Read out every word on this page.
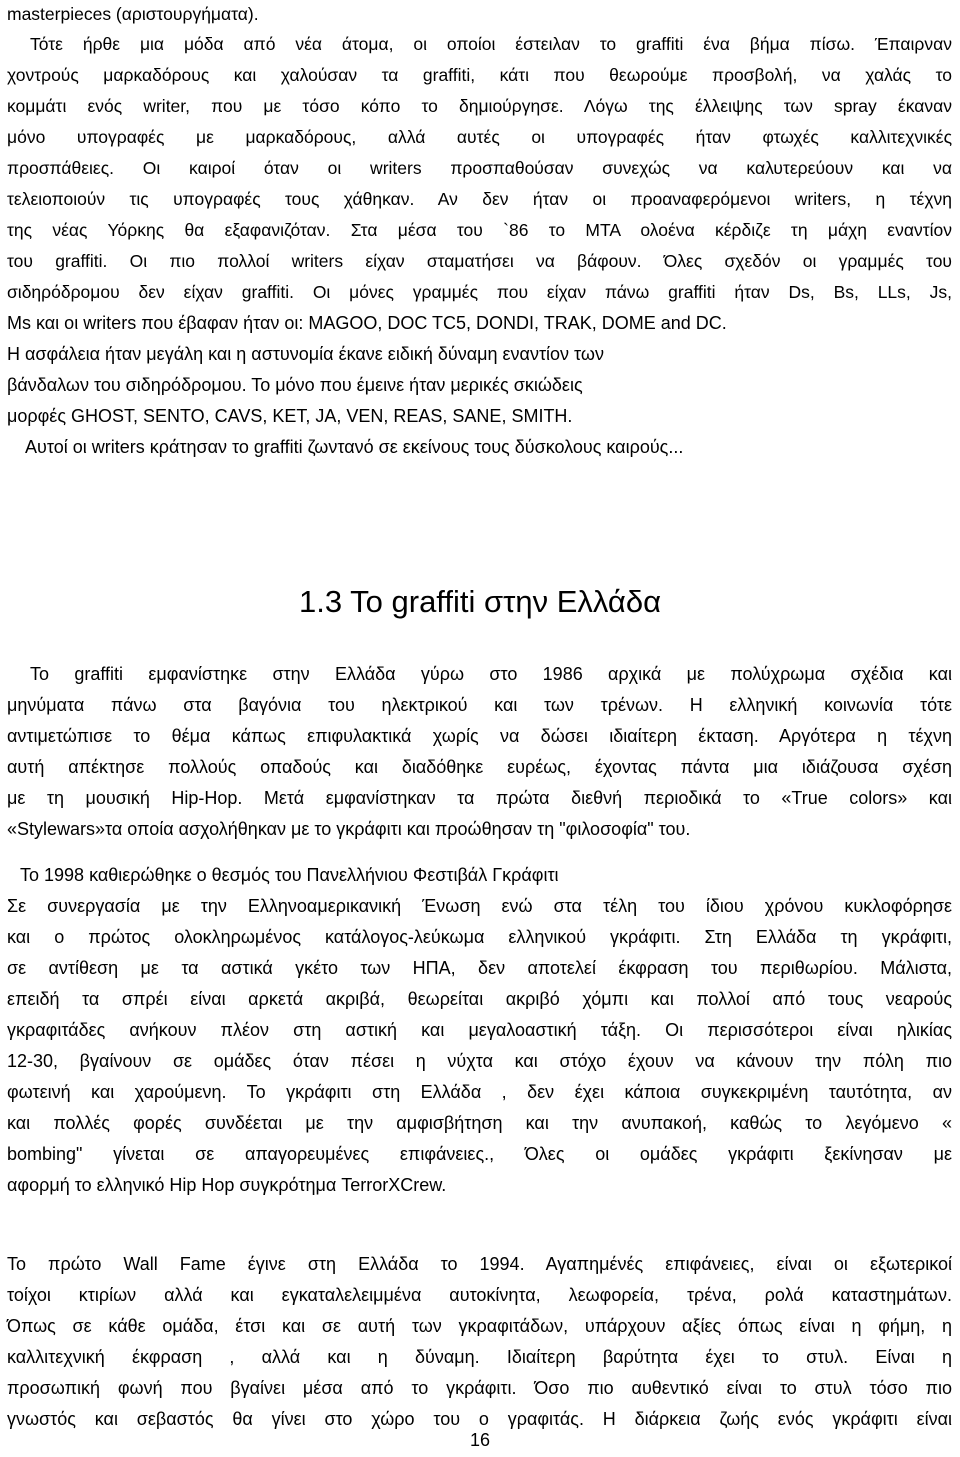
masterpieces (αριστουργήματα).

Τότε ήρθε μια μόδα από νέα άτομα, οι οποίοι έστειλαν το graffiti ένα βήμα πίσω. Έπαιρναν

χοντρούς μαρκαδόρους και χαλούσαν τα graffiti, κάτι που θεωρούμε προσβολή, να χαλάς το

κομμάτι ενός writer, που με τόσο κόπο το δημιούργησε. Λόγω της έλλειψης των spray έκαναν

μόνο υπογραφές με μαρκαδόρους, αλλά αυτές οι υπογραφές ήταν φτωχές καλλιτεχνικές

προσπάθειες. Οι καιροί όταν οι writers προσπαθούσαν συνεχώς να καλυτερεύουν και να

τελειοποιούν τις υπογραφές τους χάθηκαν. Αν δεν ήταν οι προαναφερόμενοι writers, η τέχνη

της νέας Υόρκης θα εξαφανιζόταν. Στα μέσα του `86 το MTA ολοένα κέρδιζε τη μάχη εναντίον

του graffiti. Οι πιο πολλοί writers είχαν σταματήσει να βάφουν. Όλες σχεδόν οι γραμμές του

σιδηρόδρομου δεν είχαν graffiti. Οι μόνες γραμμές που είχαν πάνω graffiti ήταν Ds, Bs, LLs, Js,

Ms και οι writers που έβαφαν ήταν οι: MAGOO, DOC TC5, DONDI, TRAK, DOME and DC.

Η ασφάλεια ήταν μεγάλη και η αστυνομία έκανε ειδική δύναμη εναντίον των

βάνδαλων του σιδηρόδρομου. Το μόνο που έμεινε ήταν μερικές σκιώδεις

μορφές GHOST, SENTO, CAVS, KET, JA, VEN, REAS, SANE, SMITH.

Αυτοί οι writers κράτησαν το graffiti ζωντανό σε εκείνους τους δύσκολους καιρούς...

1.3 Το graffiti στην Ελλάδα

Το graffiti εμφανίστηκε στην Ελλάδα γύρω στο 1986 αρχικά με πολύχρωμα σχέδια και

μηνύματα πάνω στα βαγόνια του ηλεκτρικού και των τρένων. Η ελληνική κοινωνία τότε

αντιμετώπισε το θέμα κάπως επιφυλακτικά χωρίς να δώσει ιδιαίτερη έκταση. Αργότερα η τέχνη

αυτή απέκτησε πολλούς οπαδούς και διαδόθηκε ευρέως, έχοντας πάντα μια ιδιάζουσα σχέση

με τη μουσική Hip-Hop. Μετά εμφανίστηκαν τα πρώτα διεθνή περιοδικά το «True colors» και

«Stylewars»τα οποία ασχολήθηκαν με το γκράφιτι και προώθησαν τη "φιλοσοφία" του.

Το 1998 καθιερώθηκε ο θεσμός του Πανελλήνιου Φεστιβάλ Γκράφιτι

Σε συνεργασία με την Ελληνοαμερικανική Ένωση ενώ στα τέλη του ίδιου χρόνου κυκλοφόρησε

και ο πρώτος ολοκληρωμένος κατάλογος-λεύκωμα ελληνικού γκράφιτι. Στη Ελλάδα τη γκράφιτι,

σε αντίθεση με τα αστικά γκέτο των ΗΠΑ, δεν αποτελεί έκφραση του περιθωρίου. Μάλιστα,

επειδή τα σπρέι είναι αρκετά ακριβά, θεωρείται ακριβό χόμπι και πολλοί από τους νεαρούς

γκραφιτάδες ανήκουν πλέον στη αστική και μεγαλοαστική τάξη. Οι περισσότεροι είναι ηλικίας

12-30, βγαίνουν σε ομάδες όταν πέσει η νύχτα και στόχο έχουν να κάνουν την πόλη πιο

φωτεινή και χαρούμενη. Το γκράφιτι στη Ελλάδα , δεν έχει κάποια συγκεκριμένη ταυτότητα, αν

και πολλές φορές συνδέεται με την αμφισβήτηση και την ανυπακοή, καθώς το λεγόμενο «

bombing" γίνεται σε απαγορευμένες επιφάνειες., Όλες οι ομάδες γκράφιτι ξεκίνησαν με

αφορμή το ελληνικό Hip Hop συγκρότημα TerrorXCrew.

Το πρώτο Wall Fame έγινε στη Ελλάδα το 1994. Αγαπημένές επιφάνειες, είναι οι εξωτερικοί

τοίχοι κτιρίων αλλά και εγκαταλελειμμένα αυτοκίνητα, λεωφορεία, τρένα, ρολά καταστημάτων.

Όπως σε κάθε ομάδα, έτσι και σε αυτή των γκραφιτάδων, υπάρχουν αξίες όπως είναι η φήμη, η

καλλιτεχνική έκφραση , αλλά και η δύναμη. Ιδιαίτερη βαρύτητα έχει το στυλ. Είναι η

προσωπική φωνή που βγαίνει μέσα από το γκράφιτι. Όσο πιο αυθεντικό είναι το στυλ τόσο πιο

γνωστός και σεβαστός θα γίνει στο χώρο του ο γραφιτάς. Η διάρκεια ζωής ενός γκράφιτι είναι

16
